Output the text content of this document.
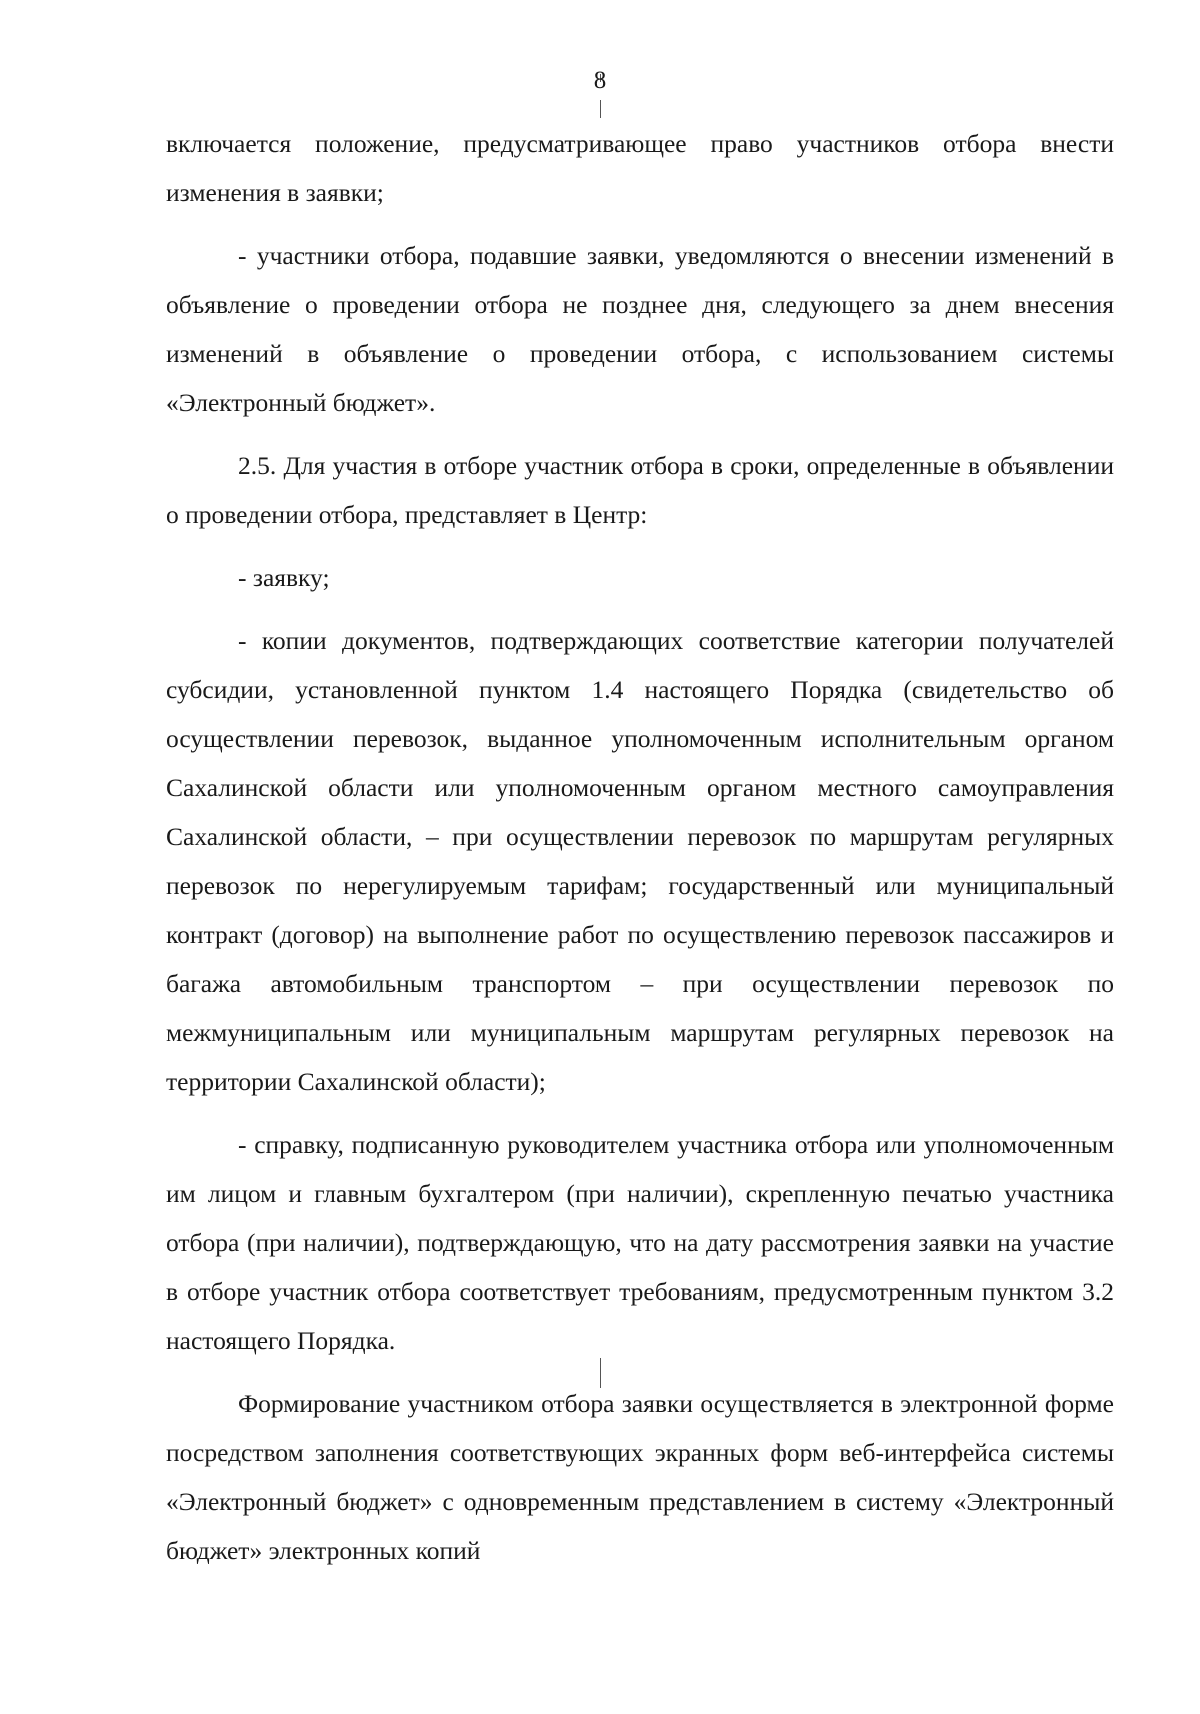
8

включается положение, предусматривающее право участников отбора внести изменения в заявки;

- участники отбора, подавшие заявки, уведомляются о внесении изменений в объявление о проведении отбора не позднее дня, следующего за днем внесения изменений в объявление о проведении отбора, с использованием системы «Электронный бюджет».

2.5. Для участия в отборе участник отбора в сроки, определенные в объявлении о проведении отбора, представляет в Центр:

- заявку;

- копии документов, подтверждающих соответствие категории получателей субсидии, установленной пунктом 1.4 настоящего Порядка (свидетельство об осуществлении перевозок, выданное уполномоченным исполнительным органом Сахалинской области или уполномоченным органом местного самоуправления Сахалинской области, – при осуществлении перевозок по маршрутам регулярных перевозок по нерегулируемым тарифам; государственный или муниципальный контракт (договор) на выполнение работ по осуществлению перевозок пассажиров и багажа автомобильным транспортом – при осуществлении перевозок по межмуниципальным или муниципальным маршрутам регулярных перевозок на территории Сахалинской области);

- справку, подписанную руководителем участника отбора или уполномоченным им лицом и главным бухгалтером (при наличии), скрепленную печатью участника отбора (при наличии), подтверждающую, что на дату рассмотрения заявки на участие в отборе участник отбора соответствует требованиям, предусмотренным пунктом 3.2 настоящего Порядка.

Формирование участником отбора заявки осуществляется в электронной форме посредством заполнения соответствующих экранных форм веб-интерфейса системы «Электронный бюджет» с одновременным представлением в систему «Электронный бюджет» электронных копий
